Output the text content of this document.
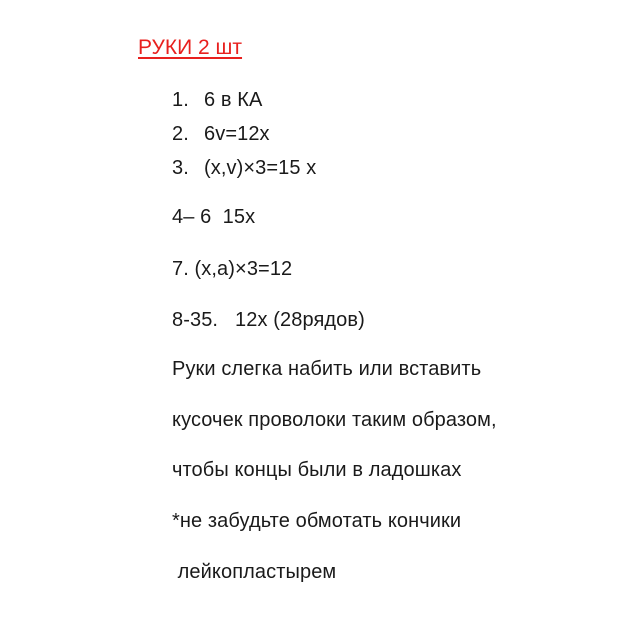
РУКИ 2 шт
1. 6 в КА
2. 6v=12x
3. (x,v)×3=15 x
4– 6  15x
7. (x,a)×3=12
8-35.   12x (28рядов)
Руки слегка набить или вставить
кусочек проволоки таким образом,
чтобы концы были в ладошках
*не забудьте обмотать кончики
лейкопластырем
